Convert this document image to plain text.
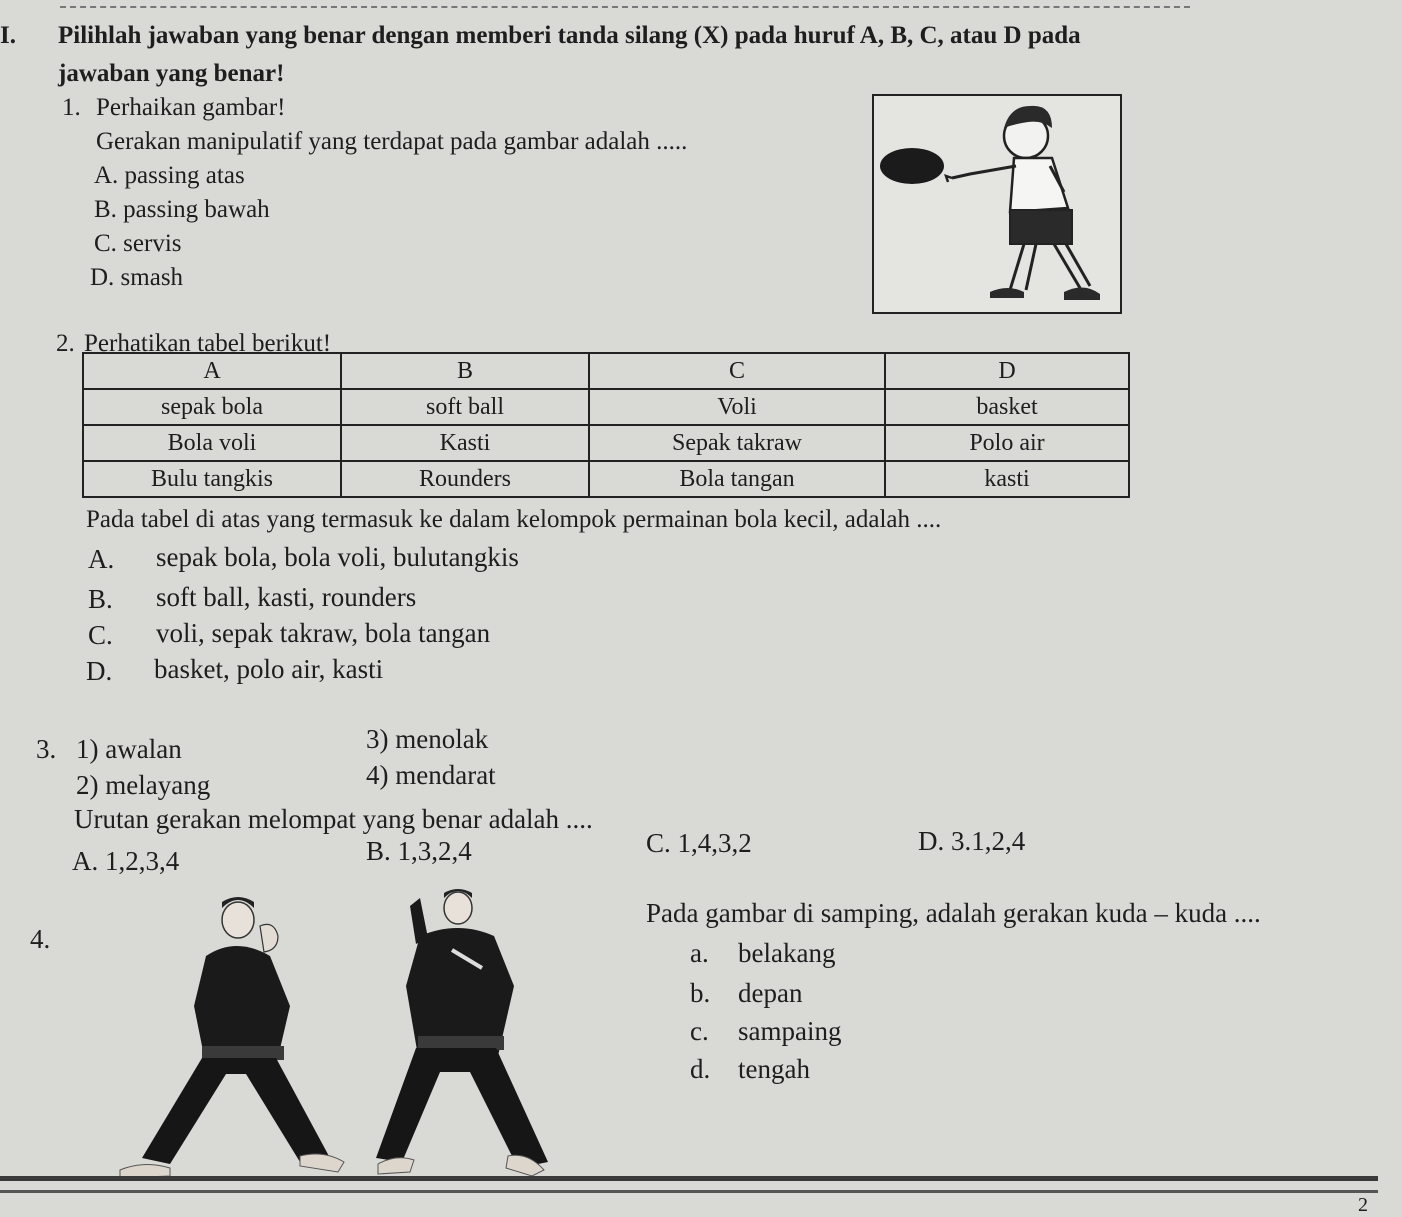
I. Pilihlah jawaban yang benar dengan memberi tanda silang (X) pada huruf A, B, C, atau D pada
jawaban yang benar!
1. Perhaikan gambar!
Gerakan manipulatif yang terdapat pada gambar adalah .....
A. passing atas
B. passing bawah
C. servis
D. smash
2. Perhatikan tabel berikut!
A	B	C	D
sepak bola	soft ball	Voli	basket
Bola voli	Kasti	Sepak takraw	Polo air
Bulu tangkis	Rounders	Bola tangan	kasti
Pada tabel di atas yang termasuk ke dalam kelompok permainan bola kecil, adalah ....
A. sepak bola, bola voli, bulutangkis
B. soft ball, kasti, rounders
C. voli, sepak takraw, bola tangan
D. basket, polo air, kasti
3. 1) awalan
2) melayang
3) menolak
4) mendarat
Urutan gerakan melompat yang benar adalah ....
A. 1,2,3,4	B. 1,3,2,4	C. 1,4,3,2	D. 3.1,2,4
4.
Pada gambar di samping, adalah gerakan kuda – kuda ....
a. belakang
b. depan
c. sampaing
d. tengah
2
